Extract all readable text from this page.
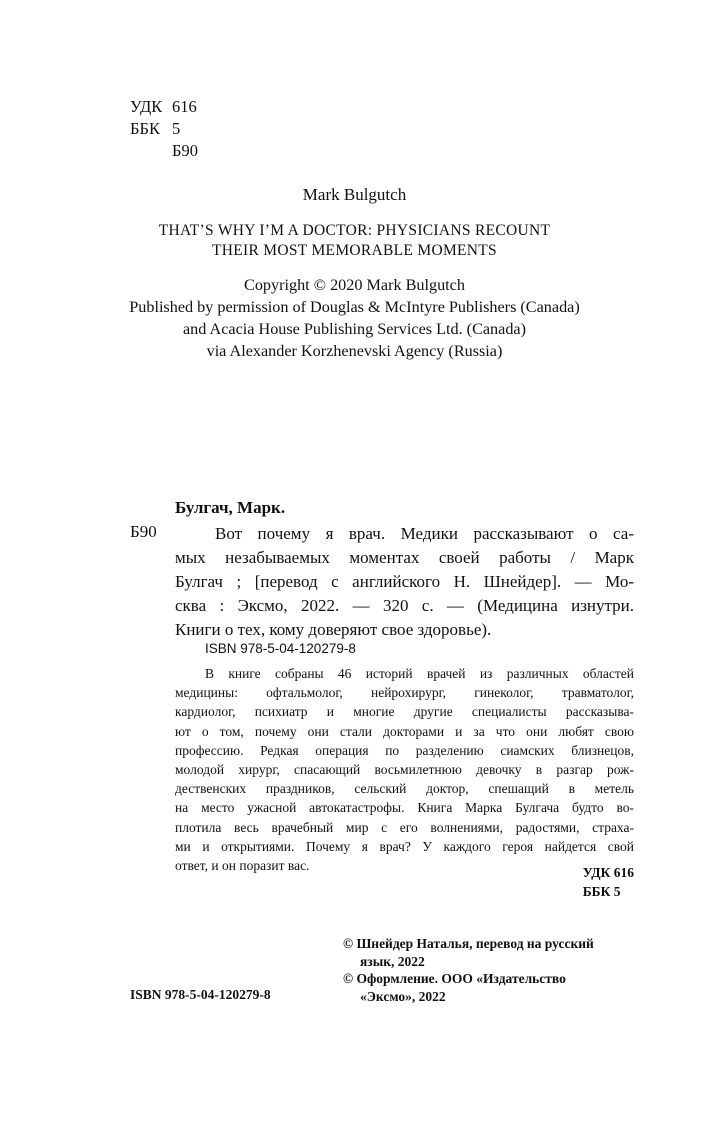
УДК 616
ББК 5
Б90
Mark Bulgutch
THAT’S WHY I’M A DOCTOR: PHYSICIANS RECOUNT
THEIR MOST MEMORABLE MOMENTS
Copyright © 2020 Mark Bulgutch
Published by permission of Douglas & McIntyre Publishers (Canada)
and Acacia House Publishing Services Ltd. (Canada)
via Alexander Korzhenevski Agency (Russia)
Булгач, Марк.
Б90	Вот почему я врач. Медики рассказывают о са-
мых незабываемых моментах своей работы / Марк
Булгач ; [перевод с английского Н. Шнейдер]. — Мо-
сква : Эксмо, 2022. — 320 с. — (Медицина изнутри.
Книги о тех, кому доверяют свое здоровье).
ISBN 978-5-04-120279-8
В книге собраны 46 историй врачей из различных областей
медицины: офтальмолог, нейрохирург, гинеколог, травматолог,
кардиолог, психиатр и многие другие специалисты рассказыва-
ют о том, почему они стали докторами и за что они любят свою
профессию. Редкая операция по разделению сиамских близнецов,
молодой хирург, спасающий восьмилетнюю девочку в разгар рож-
дественских праздников, сельский доктор, спешащий в метель
на место ужасной автокатастрофы. Книга Марка Булгача будто во-
плотила весь врачебный мир с его волнениями, радостями, страха-
ми и открытиями. Почему я врач? У каждого героя найдется свой
ответ, и он поразит вас.	УДК 616
ББК 5
© Шнейдер Наталья, перевод на русский
язык, 2022
© Оформление. ООО «Издательство
«Эксмо», 2022
ISBN 978-5-04-120279-8
